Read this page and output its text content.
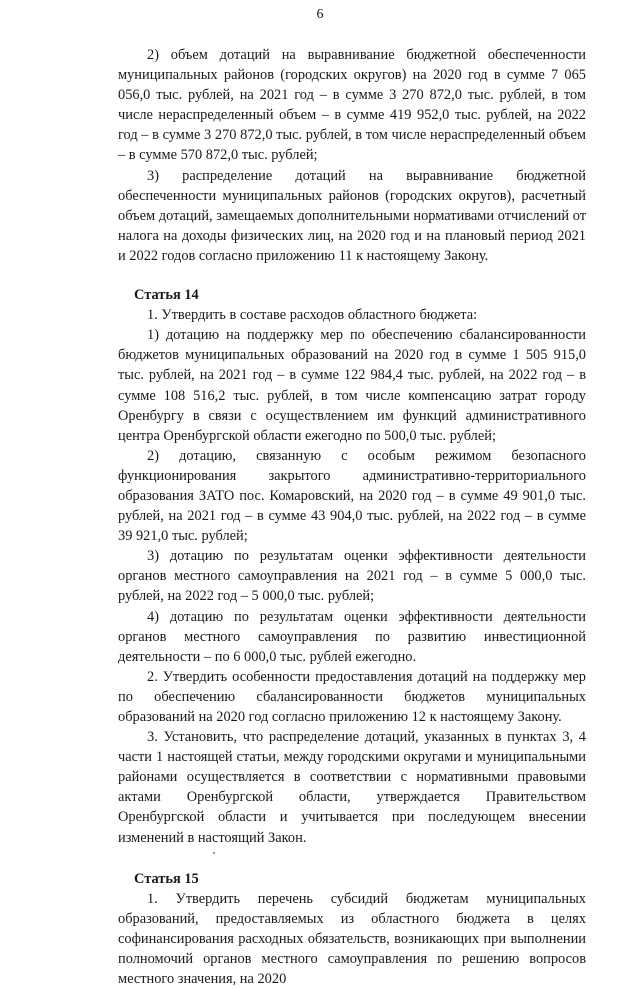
6

2) объем дотаций на выравнивание бюджетной обеспеченности муниципальных районов (городских округов) на 2020 год в сумме 7 065 056,0 тыс. рублей, на 2021 год – в сумме 3 270 872,0 тыс. рублей, в том числе нераспределенный объем – в сумме 419 952,0 тыс. рублей, на 2022 год – в сумме 3 270 872,0 тыс. рублей, в том числе нераспределенный объем – в сумме 570 872,0 тыс. рублей;

3) распределение дотаций на выравнивание бюджетной обеспеченности муниципальных районов (городских округов), расчетный объем дотаций, замещаемых дополнительными нормативами отчислений от налога на доходы физических лиц, на 2020 год и на плановый период 2021 и 2022 годов согласно приложению 11 к настоящему Закону.

Статья 14

1. Утвердить в составе расходов областного бюджета:

1) дотацию на поддержку мер по обеспечению сбалансированности бюджетов муниципальных образований на 2020 год в сумме 1 505 915,0 тыс. рублей, на 2021 год – в сумме 122 984,4 тыс. рублей, на 2022 год – в сумме 108 516,2 тыс. рублей, в том числе компенсацию затрат городу Оренбургу в связи с осуществлением им функций административного центра Оренбургской области ежегодно по 500,0 тыс. рублей;

2) дотацию, связанную с особым режимом безопасного функционирования закрытого административно-территориального образования ЗАТО пос. Комаровский, на 2020 год – в сумме 49 901,0 тыс. рублей, на 2021 год – в сумме 43 904,0 тыс. рублей, на 2022 год – в сумме 39 921,0 тыс. рублей;

3) дотацию по результатам оценки эффективности деятельности органов местного самоуправления на 2021 год – в сумме 5 000,0 тыс. рублей, на 2022 год – 5 000,0 тыс. рублей;

4) дотацию по результатам оценки эффективности деятельности органов местного самоуправления по развитию инвестиционной деятельности – по 6 000,0 тыс. рублей ежегодно.

2. Утвердить особенности предоставления дотаций на поддержку мер по обеспечению сбалансированности бюджетов муниципальных образований на 2020 год согласно приложению 12 к настоящему Закону.

3. Установить, что распределение дотаций, указанных в пунктах 3, 4 части 1 настоящей статьи, между городскими округами и муниципальными районами осуществляется в соответствии с нормативными правовыми актами Оренбургской области, утверждается Правительством Оренбургской области и учитывается при последующем внесении изменений в настоящий Закон.

Статья 15

1. Утвердить перечень субсидий бюджетам муниципальных образований, предоставляемых из областного бюджета в целях софинансирования расходных обязательств, возникающих при выполнении полномочий органов местного самоуправления по решению вопросов местного значения, на 2020
